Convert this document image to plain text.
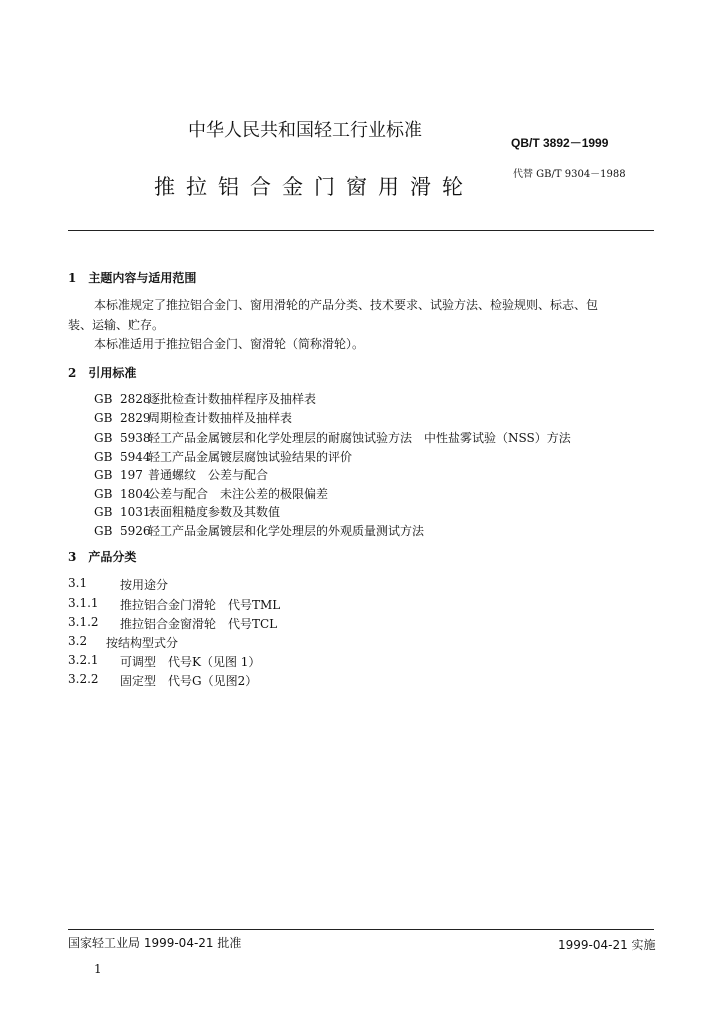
中华人民共和国轻工行业标准
QB/T 3892－1999
推拉铝合金门窗用滑轮
代替 GB/T 9304－1988
1　主题内容与适用范围
本标准规定了推拉铝合金门、窗用滑轮的产品分类、技术要求、试验方法、检验规则、标志、包
装、运输、贮存。
本标准适用于推拉铝合金门、窗滑轮（简称滑轮）。
2　引用标准
GB 2828逐批检查计数抽样程序及抽样表
GB 2829周期检查计数抽样及抽样表
GB 5938轻工产品金属镀层和化学处理层的耐腐蚀试验方法　中性盐雾试验（NSS）方法
GB 5944轻工产品金属镀层腐蚀试验结果的评价
GB 197 普通螺纹　公差与配合
GB 1804公差与配合　未注公差的极限偏差
GB 1031表面粗糙度参数及其数值
GB 5926轻工产品金属镀层和化学处理层的外观质量测试方法
3　产品分类
3.1	按用途分
3.1.1 推拉铝合金门滑轮　代号TML
3.1.2 推拉铝合金窗滑轮　代号TCL
3.2 按结构型式分
3.2.1 可调型　代号K（见图 1）
3.2.2 固定型　代号G（见图2）
国家轻工业局 1999-04-21 批准	1999-04-21 实施
1
